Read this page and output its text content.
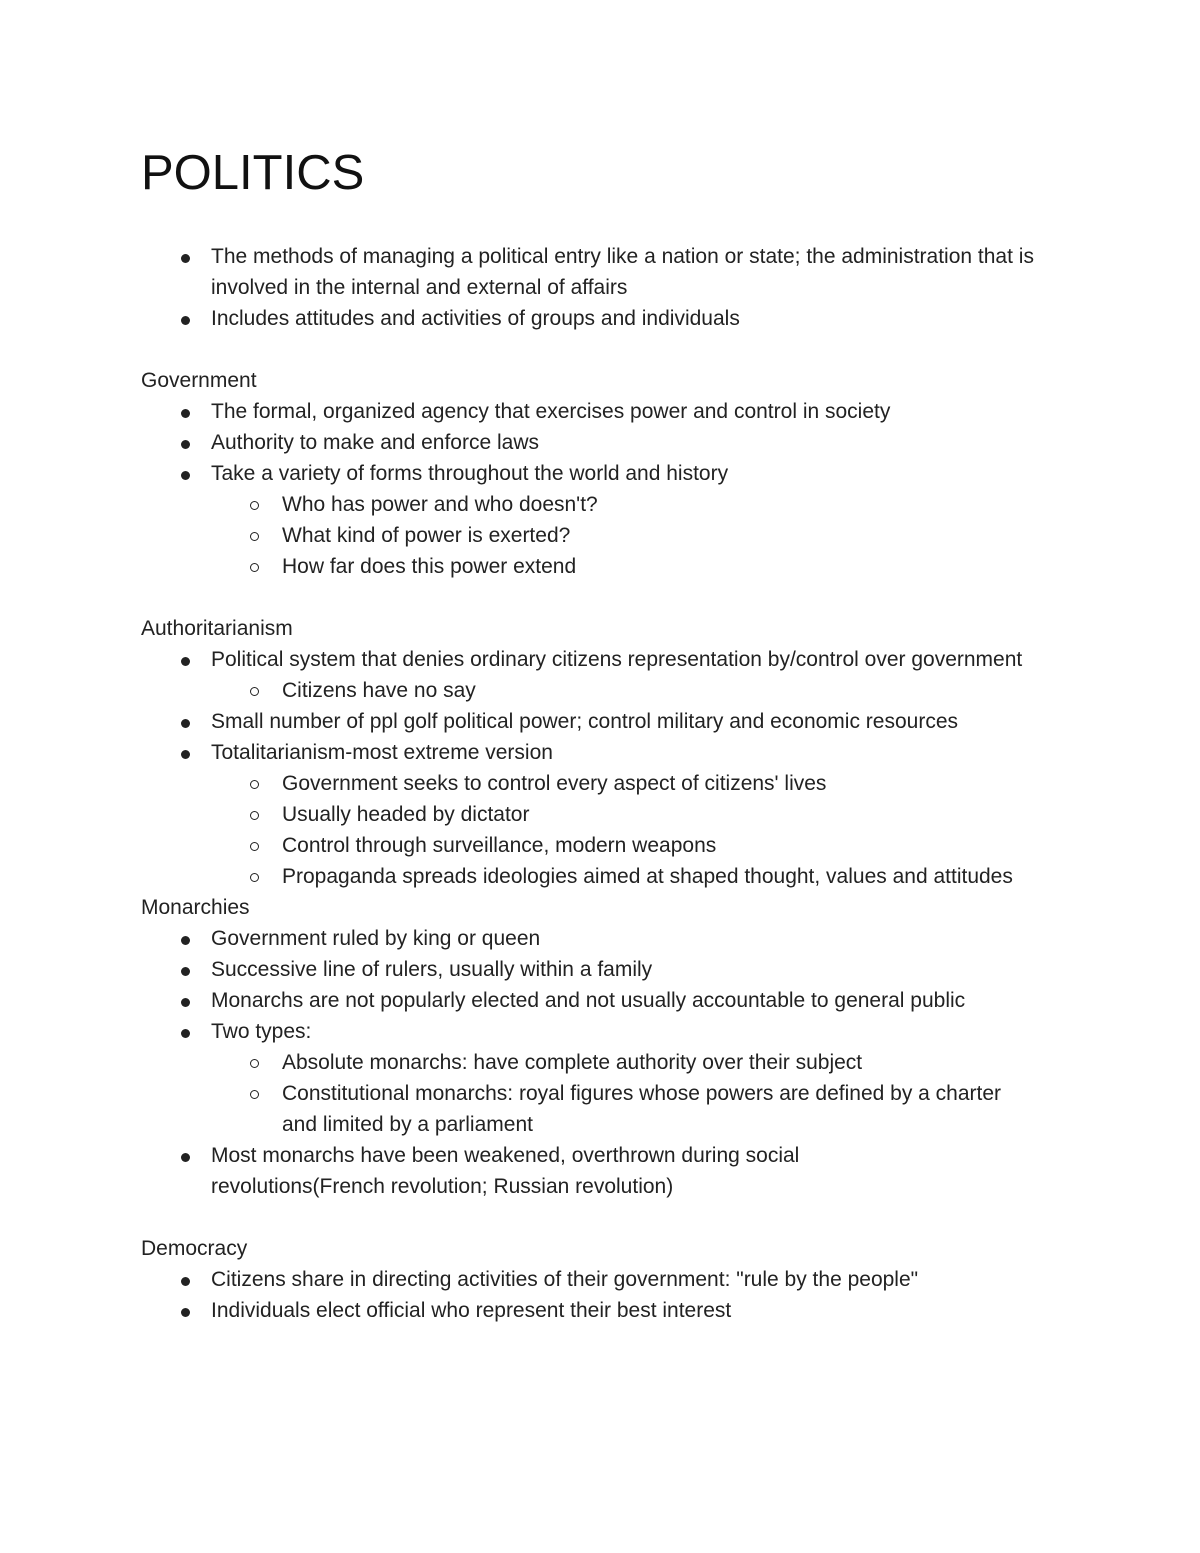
POLITICS
The methods of managing a political entry like a nation or state; the administration that is involved in the internal and external of affairs
Includes attitudes and activities of groups and individuals
Government
The formal, organized agency that exercises power and control in society
Authority to make and enforce laws
Take a variety of forms throughout the world and history
Who has power and who doesn't?
What kind of power is exerted?
How far does this power extend
Authoritarianism
Political system that denies ordinary citizens representation by/control over government
Citizens have no say
Small number of ppl golf political power; control military and economic resources
Totalitarianism-most extreme version
Government seeks to control every aspect of citizens' lives
Usually headed by dictator
Control through surveillance, modern weapons
Propaganda spreads ideologies aimed at shaped thought, values and attitudes
Monarchies
Government ruled by king or queen
Successive line of rulers, usually within a family
Monarchs are not popularly elected and not usually accountable to general public
Two types:
Absolute monarchs: have complete authority over their subject
Constitutional monarchs: royal figures whose powers are defined by a charter and limited by a parliament
Most monarchs have been weakened, overthrown during social revolutions(French revolution; Russian revolution)
Democracy
Citizens share in directing activities of their government: "rule by the people"
Individuals elect official who represent their best interest
